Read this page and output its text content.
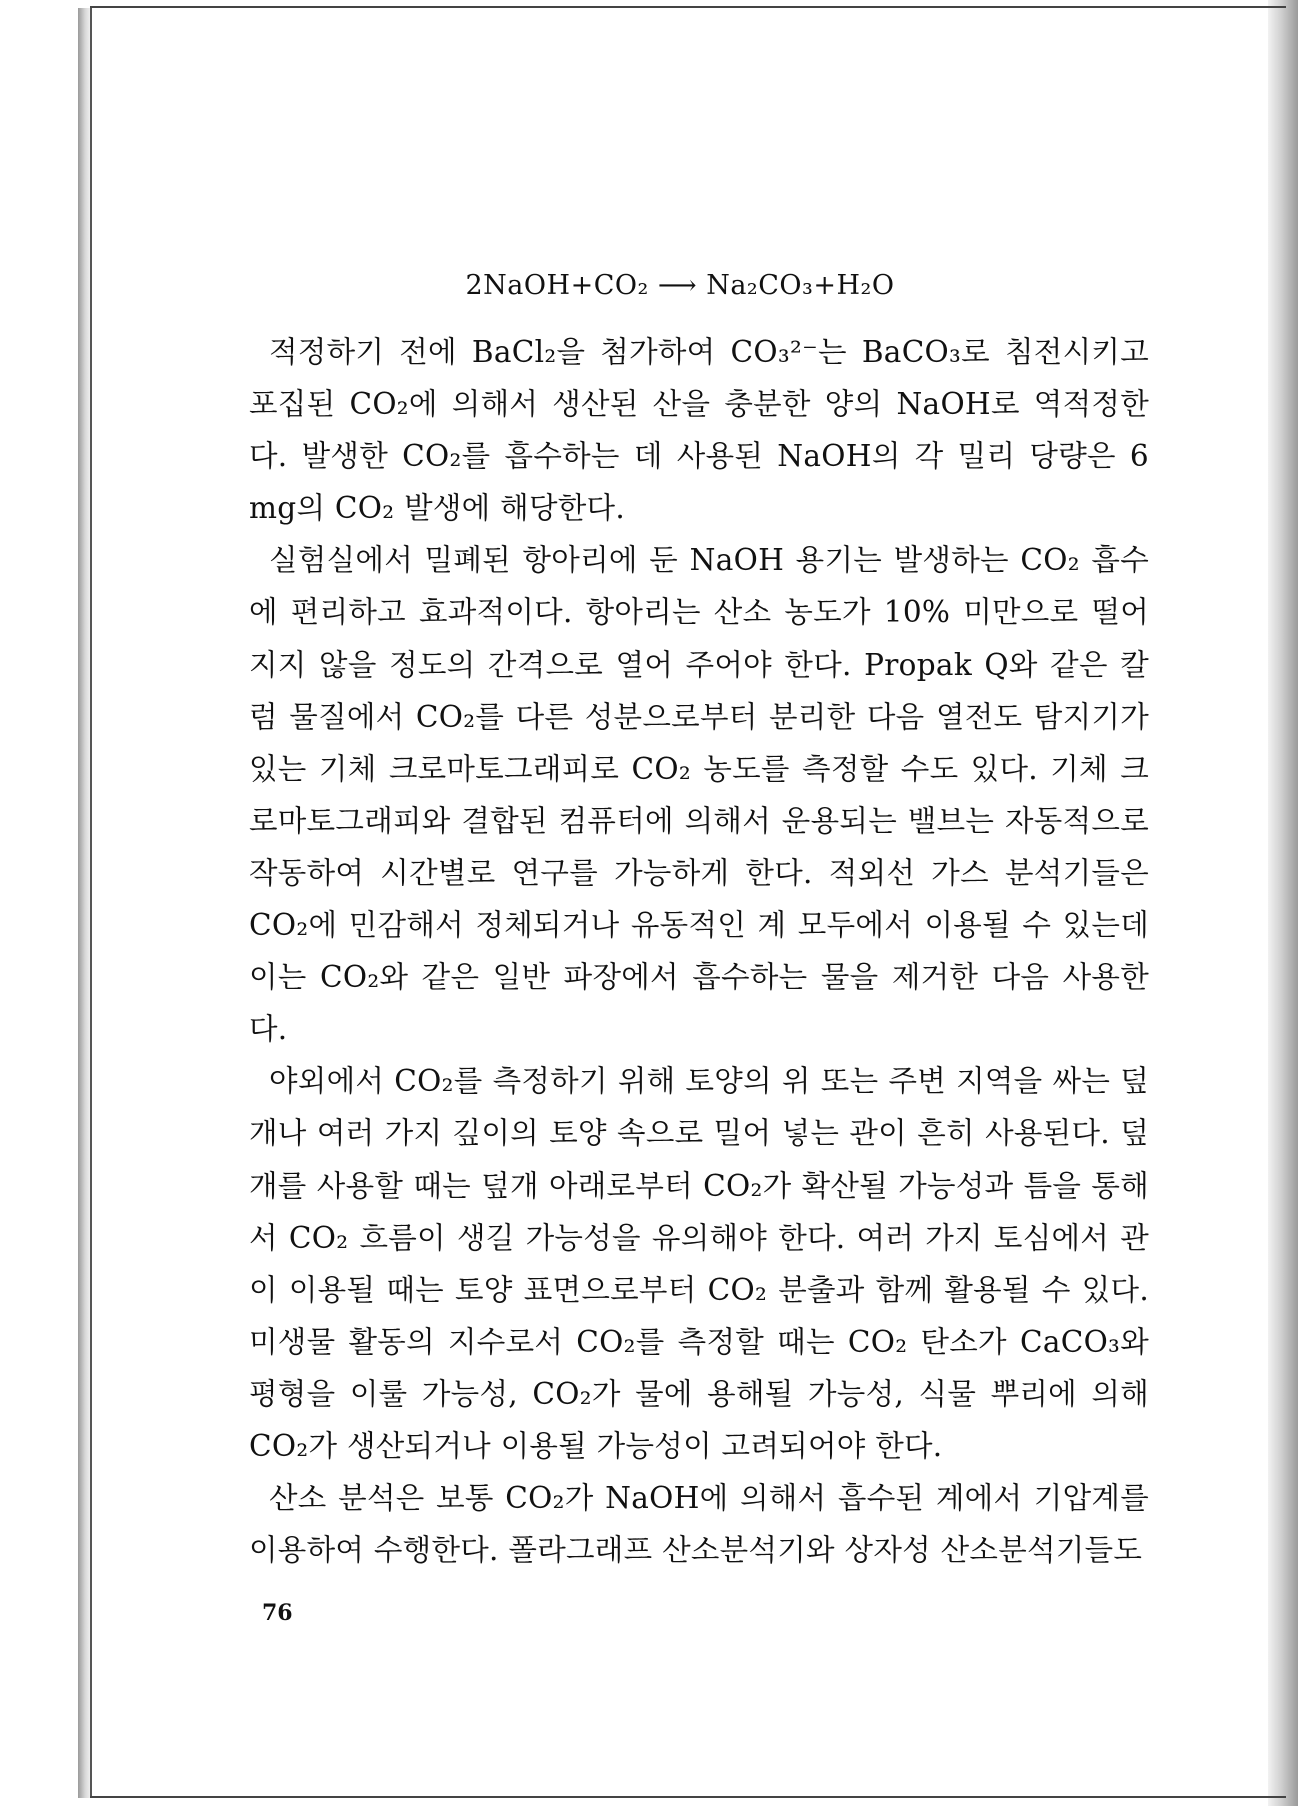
2NaOH+CO₂ ⟶ Na₂CO₃+H₂O

적정하기 전에 BaCl₂을 첨가하여 CO₃²⁻는 BaCO₃로 침전시키고 포집된 CO₂에 의해서 생산된 산을 충분한 양의 NaOH로 역적정한다. 발생한 CO₂를 흡수하는 데 사용된 NaOH의 각 밀리 당량은 6 mg의 CO₂ 발생에 해당한다.

실험실에서 밀폐된 항아리에 둔 NaOH 용기는 발생하는 CO₂ 흡수에 편리하고 효과적이다. 항아리는 산소 농도가 10% 미만으로 떨어지지 않을 정도의 간격으로 열어 주어야 한다. Propak Q와 같은 칼럼 물질에서 CO₂를 다른 성분으로부터 분리한 다음 열전도 탐지기가 있는 기체 크로마토그래피로 CO₂ 농도를 측정할 수도 있다. 기체 크로마토그래피와 결합된 컴퓨터에 의해서 운용되는 밸브는 자동적으로 작동하여 시간별로 연구를 가능하게 한다. 적외선 가스 분석기들은 CO₂에 민감해서 정체되거나 유동적인 계 모두에서 이용될 수 있는데 이는 CO₂와 같은 일반 파장에서 흡수하는 물을 제거한 다음 사용한다.

야외에서 CO₂를 측정하기 위해 토양의 위 또는 주변 지역을 싸는 덮개나 여러 가지 깊이의 토양 속으로 밀어 넣는 관이 흔히 사용된다. 덮개를 사용할 때는 덮개 아래로부터 CO₂가 확산될 가능성과 틈을 통해서 CO₂ 흐름이 생길 가능성을 유의해야 한다. 여러 가지 토심에서 관이 이용될 때는 토양 표면으로부터 CO₂ 분출과 함께 활용될 수 있다. 미생물 활동의 지수로서 CO₂를 측정할 때는 CO₂ 탄소가 CaCO₃와 평형을 이룰 가능성, CO₂가 물에 용해될 가능성, 식물 뿌리에 의해 CO₂가 생산되거나 이용될 가능성이 고려되어야 한다.

산소 분석은 보통 CO₂가 NaOH에 의해서 흡수된 계에서 기압계를 이용하여 수행한다. 폴라그래프 산소분석기와 상자성 산소분석기들도

76
